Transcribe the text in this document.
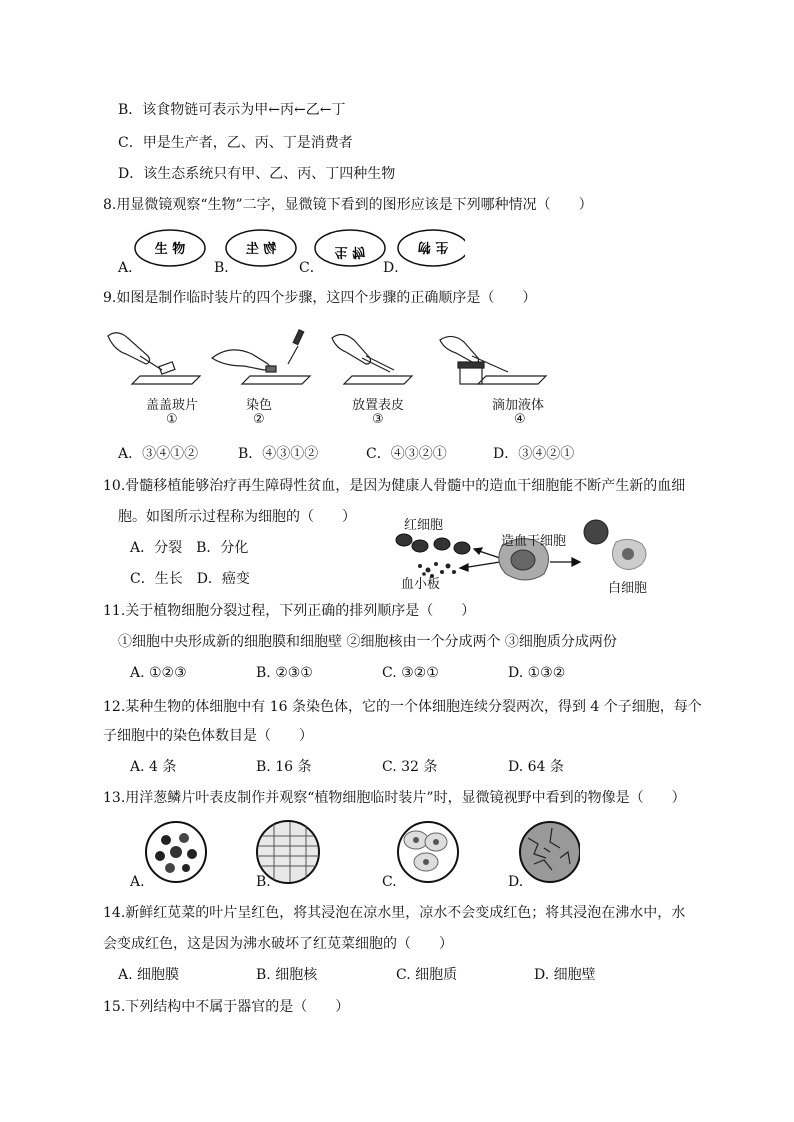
B．该食物链可表示为甲←丙←乙←丁
C．甲是生产者，乙、丙、丁是消费者
D．该生态系统只有甲、乙、丙、丁四种生物
8.用显微镜观察“生物”二字，显微镜下看到的图形应该是下列哪种情况（　　）
生 物	物 生	生 物	生 物
A．	B．	C．	D．
9.如图是制作临时装片的四个步骤，这四个步骤的正确顺序是（　　）
盖盖玻片
①
染色
②
放置表皮
③
滴加液体
④
A．③④①②	B．④③①②	C．④③②①	D．③④②①
10.骨髓移植能够治疗再生障碍性贫血，是因为健康人骨髓中的造血干细胞能不断产生新的血细
胞。如图所示过程称为细胞的（　　）
A．分裂　B．分化
C．生长　D．癌变
红细胞
造血干细胞
血小板	白细胞
11.关于植物细胞分裂过程，下列正确的排列顺序是（　　）
①细胞中央形成新的细胞膜和细胞壁 ②细胞核由一个分成两个 ③细胞质分成两份
A. ①②③	B. ②③①	C. ③②①	D. ①③②
12.某种生物的体细胞中有 16 条染色体，它的一个体细胞连续分裂两次，得到 4 个子细胞，每个
子细胞中的染色体数目是（　　）
A. 4 条	B. 16 条	C. 32 条	D. 64 条
13.用洋葱鳞片叶表皮制作并观察“植物细胞临时装片”时，显微镜视野中看到的物像是（　　）
A.	B.	C.	D.
14.新鲜红苋菜的叶片呈红色，将其浸泡在凉水里，凉水不会变成红色；将其浸泡在沸水中，水
会变成红色，这是因为沸水破坏了红苋菜细胞的（　　）
A. 细胞膜	B. 细胞核	C. 细胞质	D. 细胞壁
15.下列结构中不属于器官的是（　　）
